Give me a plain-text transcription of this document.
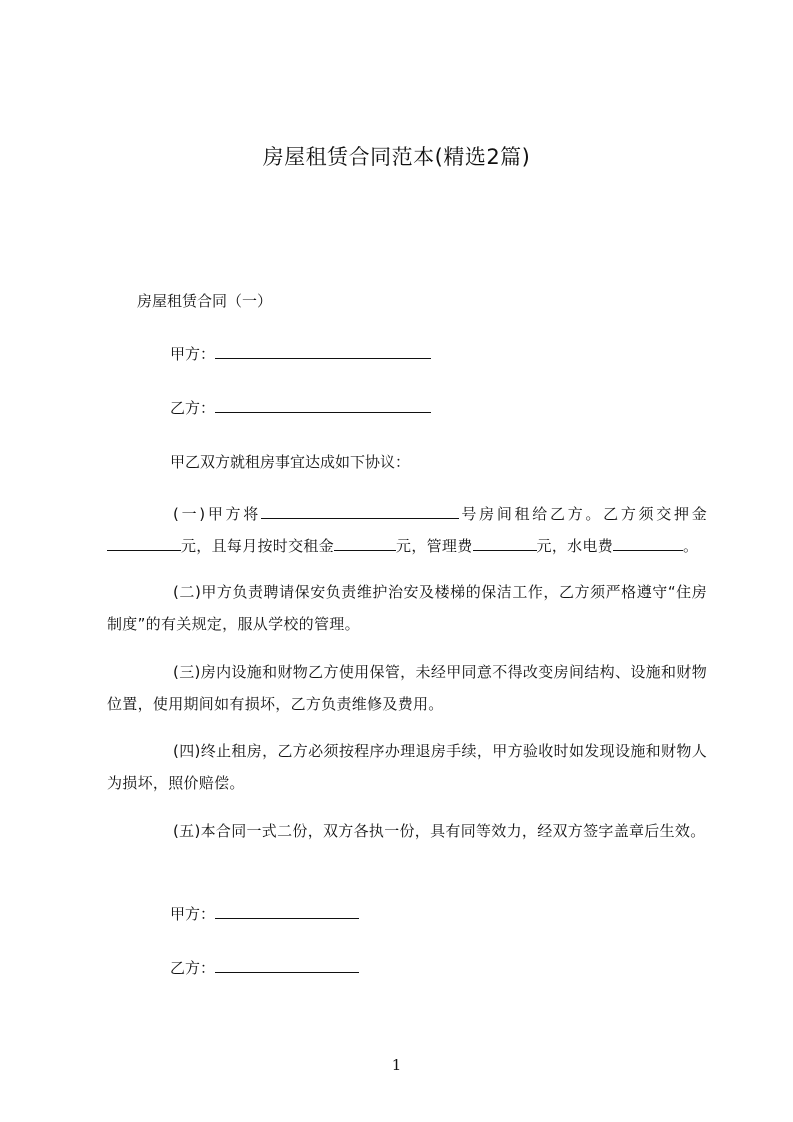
房屋租赁合同范本(精选2篇)
房屋租赁合同（一）
甲方：
乙方：
甲乙双方就租房事宜达成如下协议：
(一)甲方将	号房间租给乙方。乙方须交押金元，且每月按时交租金	元，管理费	元，水电费	。
(二)甲方负责聘请保安负责维护治安及楼梯的保洁工作，乙方须严格遵守“住房制度”的有关规定，服从学校的管理。
(三)房内设施和财物乙方使用保管，未经甲同意不得改变房间结构、设施和财物位置，使用期间如有损坏，乙方负责维修及费用。
(四)终止租房，乙方必须按程序办理退房手续，甲方验收时如发现设施和财物人为损坏，照价赔偿。
(五)本合同一式二份，双方各执一份，具有同等效力，经双方签字盖章后生效。
甲方：
乙方：
1
